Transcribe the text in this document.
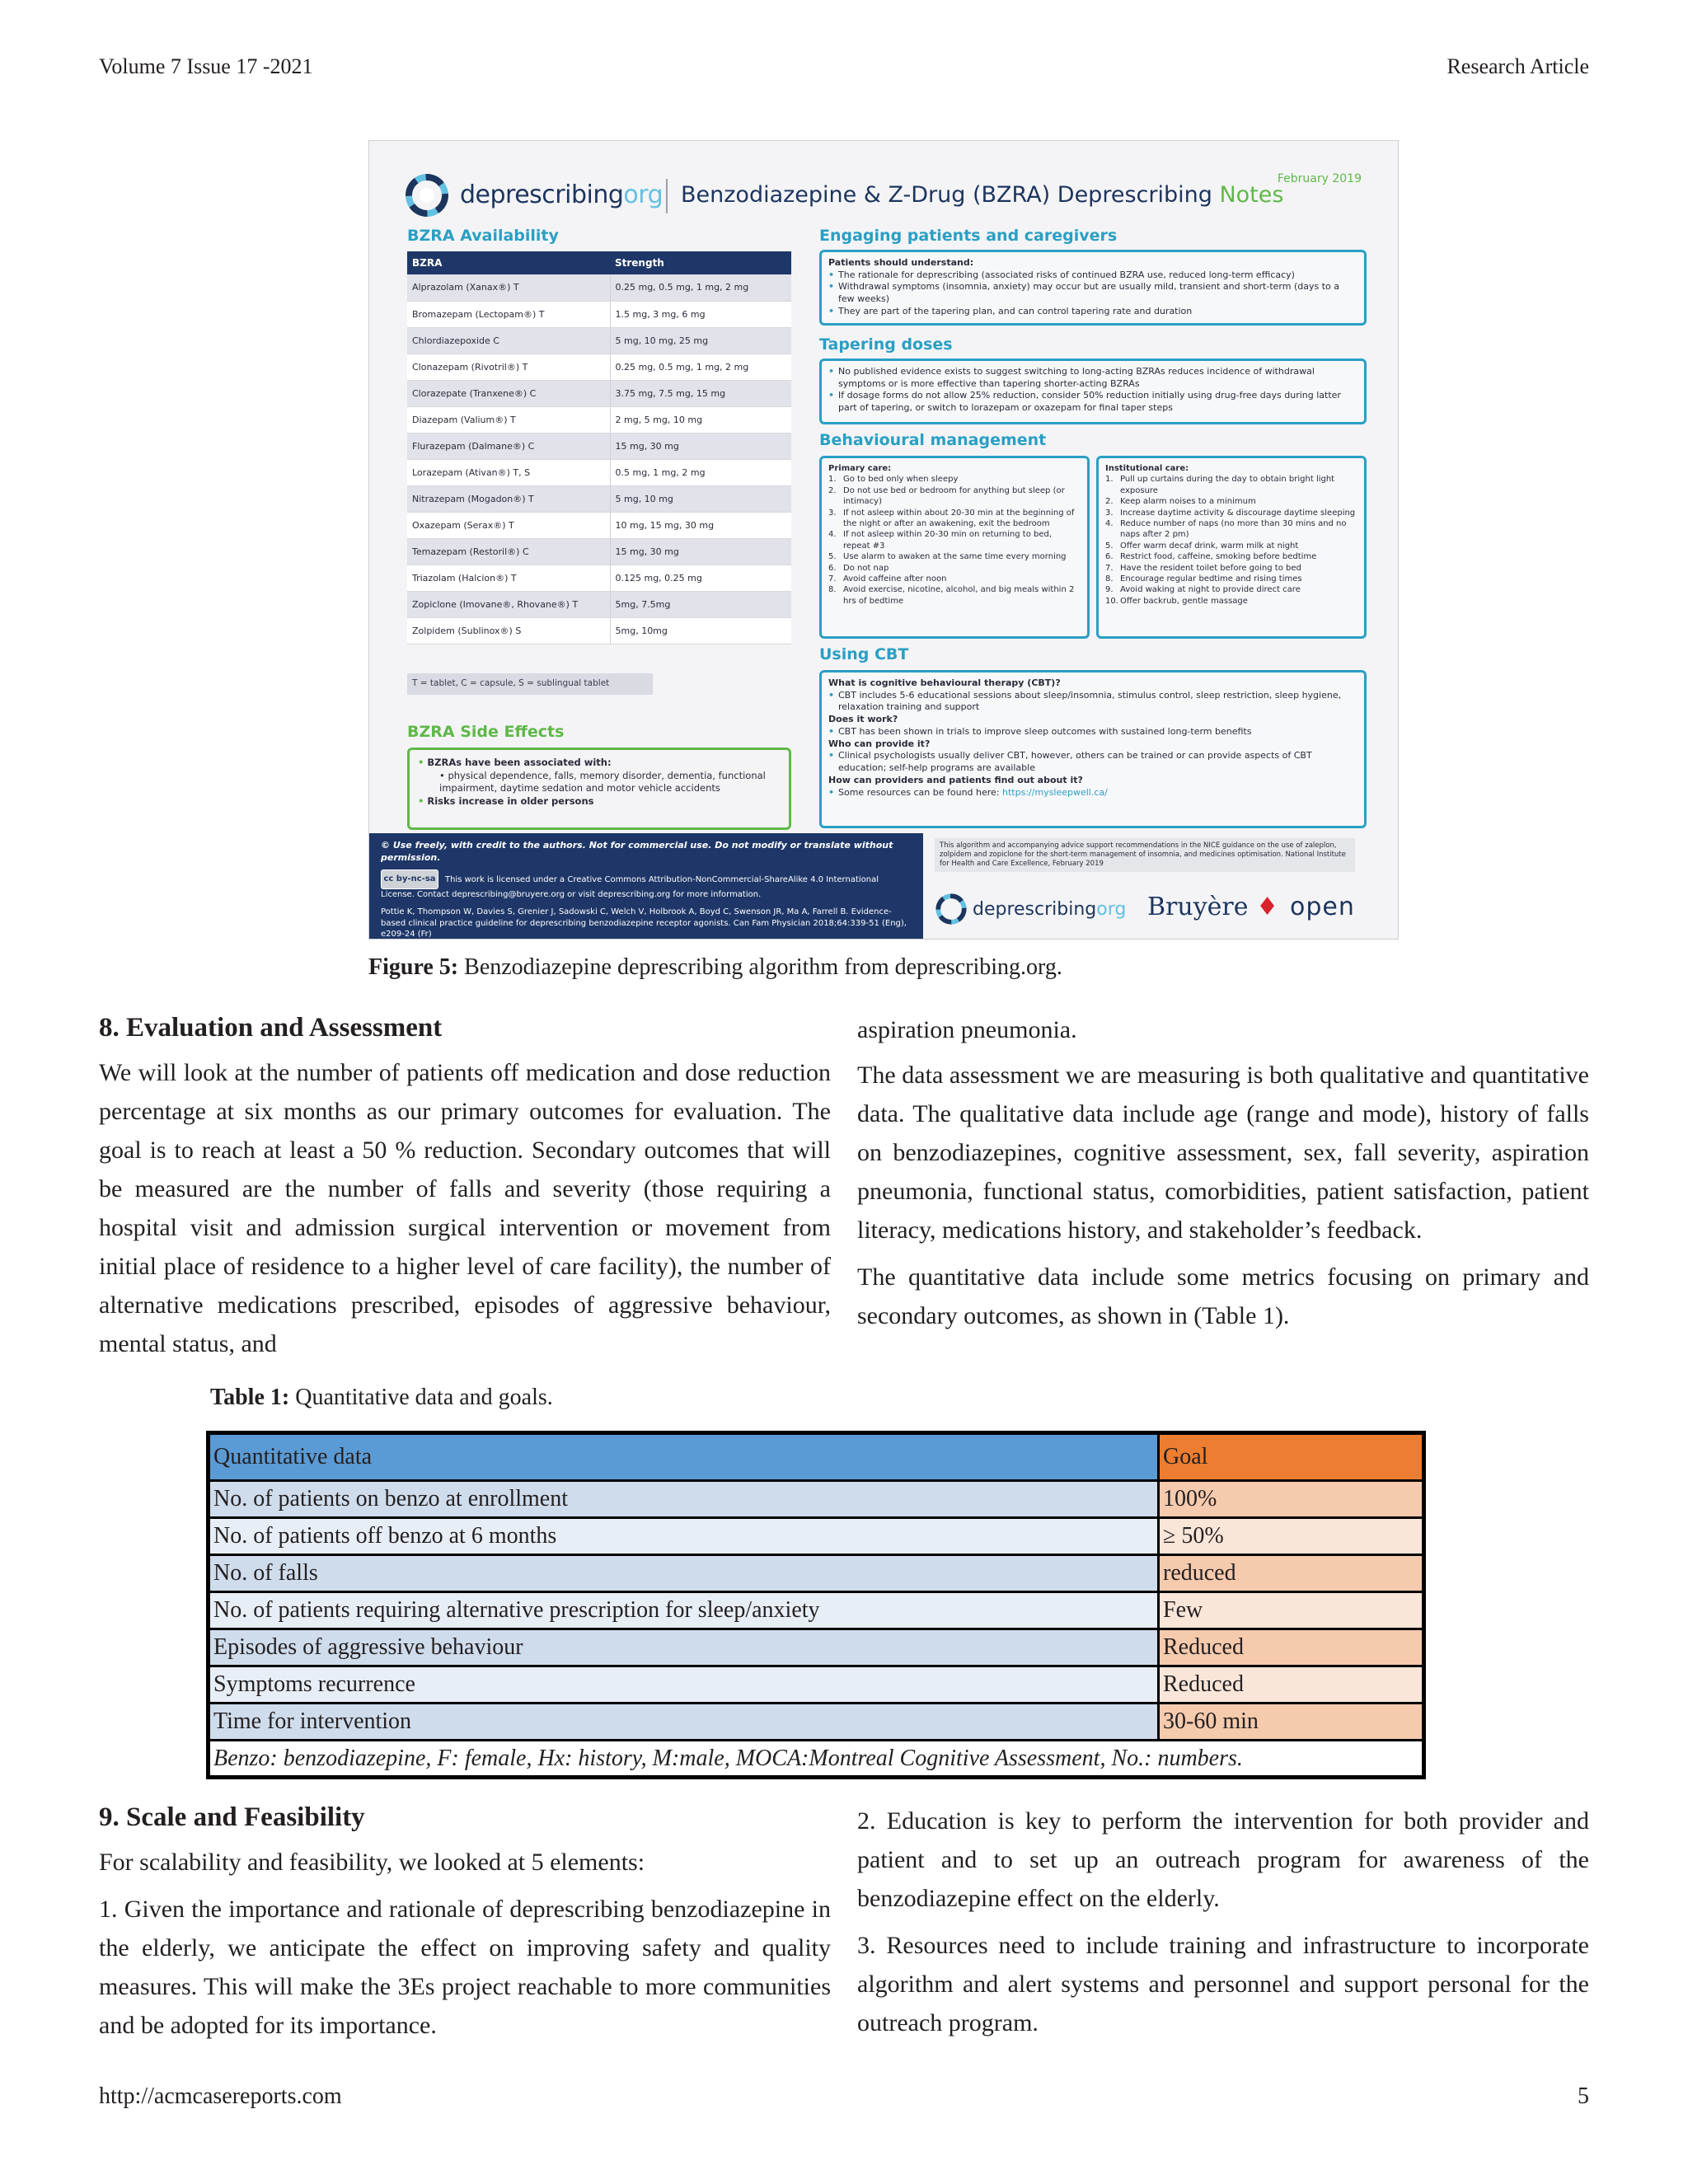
Volume 7 Issue 17 -2021	Research Article
deprescribingorg Benzodiazepine & Z-Drug (BZRA) Deprescribing Notes
February 2019
BZRA Availability
BZRA	Strength
Alprazolam (Xanax®) T	0.25 mg, 0.5 mg, 1 mg, 2 mg
Bromazepam (Lectopam®) T	1.5 mg, 3 mg, 6 mg
Chlordiazepoxide C	5 mg, 10 mg, 25 mg
Clonazepam (Rivotril®) T	0.25 mg, 0.5 mg, 1 mg, 2 mg
Clorazepate (Tranxene®) C	3.75 mg, 7.5 mg, 15 mg
Diazepam (Valium®) T	2 mg, 5 mg, 10 mg
Flurazepam (Dalmane®) C	15 mg, 30 mg
Lorazepam (Ativan®) T, S	0.5 mg, 1 mg, 2 mg
Nitrazepam (Mogadon®) T	5 mg, 10 mg
Oxazepam (Serax®) T	10 mg, 15 mg, 30 mg
Temazepam (Restoril®) C	15 mg, 30 mg
Triazolam (Halcion®) T	0.125 mg, 0.25 mg
Zopiclone (Imovane®, Rhovane®) T	5mg, 7.5mg
Zolpidem (Sublinox®) S	5mg, 10mg
T = tablet, C = capsule, S = sublingual tablet
BZRA Side Effects
• BZRAs have been associated with:
• physical dependence, falls, memory disorder, dementia, functional impairment, daytime sedation and motor vehicle accidents
• Risks increase in older persons
Engaging patients and caregivers
Patients should understand:
• The rationale for deprescribing (associated risks of continued BZRA use, reduced long-term efficacy)
• Withdrawal symptoms (insomnia, anxiety) may occur but are usually mild, transient and short-term (days to a few weeks)
• They are part of the tapering plan, and can control tapering rate and duration
Tapering doses
• No published evidence exists to suggest switching to long-acting BZRAs reduces incidence of withdrawal symptoms or is more effective than tapering shorter-acting BZRAs
• If dosage forms do not allow 25% reduction, consider 50% reduction initially using drug-free days during latter part of tapering, or switch to lorazepam or oxazepam for final taper steps
Behavioural management
Primary care:
1. Go to bed only when sleepy
2. Do not use bed or bedroom for anything but sleep (or intimacy)
3. If not asleep within about 20-30 min at the beginning of the night or after an awakening, exit the bedroom
4. If not asleep within 20-30 min on returning to bed, repeat #3
5. Use alarm to awaken at the same time every morning
6. Do not nap
7. Avoid caffeine after noon
8. Avoid exercise, nicotine, alcohol, and big meals within 2 hrs of bedtime
Institutional care:
1. Pull up curtains during the day to obtain bright light exposure
2. Keep alarm noises to a minimum
3. Increase daytime activity & discourage daytime sleeping
4. Reduce number of naps (no more than 30 mins and no naps after 2 pm)
5. Offer warm decaf drink, warm milk at night
6. Restrict food, caffeine, smoking before bedtime
7. Have the resident toilet before going to bed
8. Encourage regular bedtime and rising times
9. Avoid waking at night to provide direct care
10. Offer backrub, gentle massage
Using CBT
What is cognitive behavioural therapy (CBT)?
• CBT includes 5-6 educational sessions about sleep/insomnia, stimulus control, sleep restriction, sleep hygiene, relaxation training and support
Does it work?
• CBT has been shown in trials to improve sleep outcomes with sustained long-term benefits
Who can provide it?
• Clinical psychologists usually deliver CBT, however, others can be trained or can provide aspects of CBT education; self-help programs are available
How can providers and patients find out about it?
• Some resources can be found here: https://mysleepwell.ca/
© Use freely, with credit to the authors. Not for commercial use. Do not modify or translate without permission.
cc by-nc-sa This work is licensed under a Creative Commons Attribution-NonCommercial-ShareAlike 4.0 International License. Contact deprescribing@bruyere.org or visit deprescribing.org for more information.
Pottie K, Thompson W, Davies S, Grenier J, Sadowski C, Welch V, Holbrook A, Boyd C, Swenson JR, Ma A, Farrell B. Evidence-based clinical practice guideline for deprescribing benzodiazepine receptor agonists. Can Fam Physician 2018;64:339-51 (Eng), e209-24 (Fr)
This algorithm and accompanying advice support recommendations in the NICE guidance on the use of zaleplon, zolpidem and zopiclone for the short-term management of insomnia, and medicines optimisation. National Institute for Health and Care Excellence, February 2019
deprescribingorg Bruyère ♦ open
Figure 5: Benzodiazepine deprescribing algorithm from deprescribing.org.
8. Evaluation and Assessment

We will look at the number of patients off medication and dose reduction percentage at six months as our primary outcomes for evaluation. The goal is to reach at least a 50 % reduction. Secondary outcomes that will be measured are the number of falls and severity (those requiring a hospital visit and admission surgical intervention or movement from initial place of residence to a higher level of care facility), the number of alternative medications prescribed, episodes of aggressive behaviour, mental status, and

aspiration pneumonia.

The data assessment we are measuring is both qualitative and quantitative data. The qualitative data include age (range and mode), history of falls on benzodiazepines, cognitive assessment, sex, fall severity, aspiration pneumonia, functional status, comorbidities, patient satisfaction, patient literacy, medications history, and stakeholder’s feedback.

The quantitative data include some metrics focusing on primary and secondary outcomes, as shown in (Table 1).

Table 1: Quantitative data and goals.
Quantitative data	Goal
No. of patients on benzo at enrollment	100%
No. of patients off benzo at 6 months	≥ 50%
No. of falls	reduced
No. of patients requiring alternative prescription for sleep/anxiety	Few
Episodes of aggressive behaviour	Reduced
Symptoms recurrence	Reduced
Time for intervention	30-60 min
Benzo: benzodiazepine, F: female, Hx: history, M:male, MOCA:Montreal Cognitive Assessment, No.: numbers.	
9. Scale and Feasibility

For scalability and feasibility, we looked at 5 elements:

1. Given the importance and rationale of deprescribing benzodiazepine in the elderly, we anticipate the effect on improving safety and quality measures. This will make the 3Es project reachable to more communities and be adopted for its importance.

2. Education is key to perform the intervention for both provider and patient and to set up an outreach program for awareness of the benzodiazepine effect on the elderly.

3. Resources need to include training and infrastructure to incorporate algorithm and alert systems and personnel and support personal for the outreach program.

http://acmcasereports.com	5
